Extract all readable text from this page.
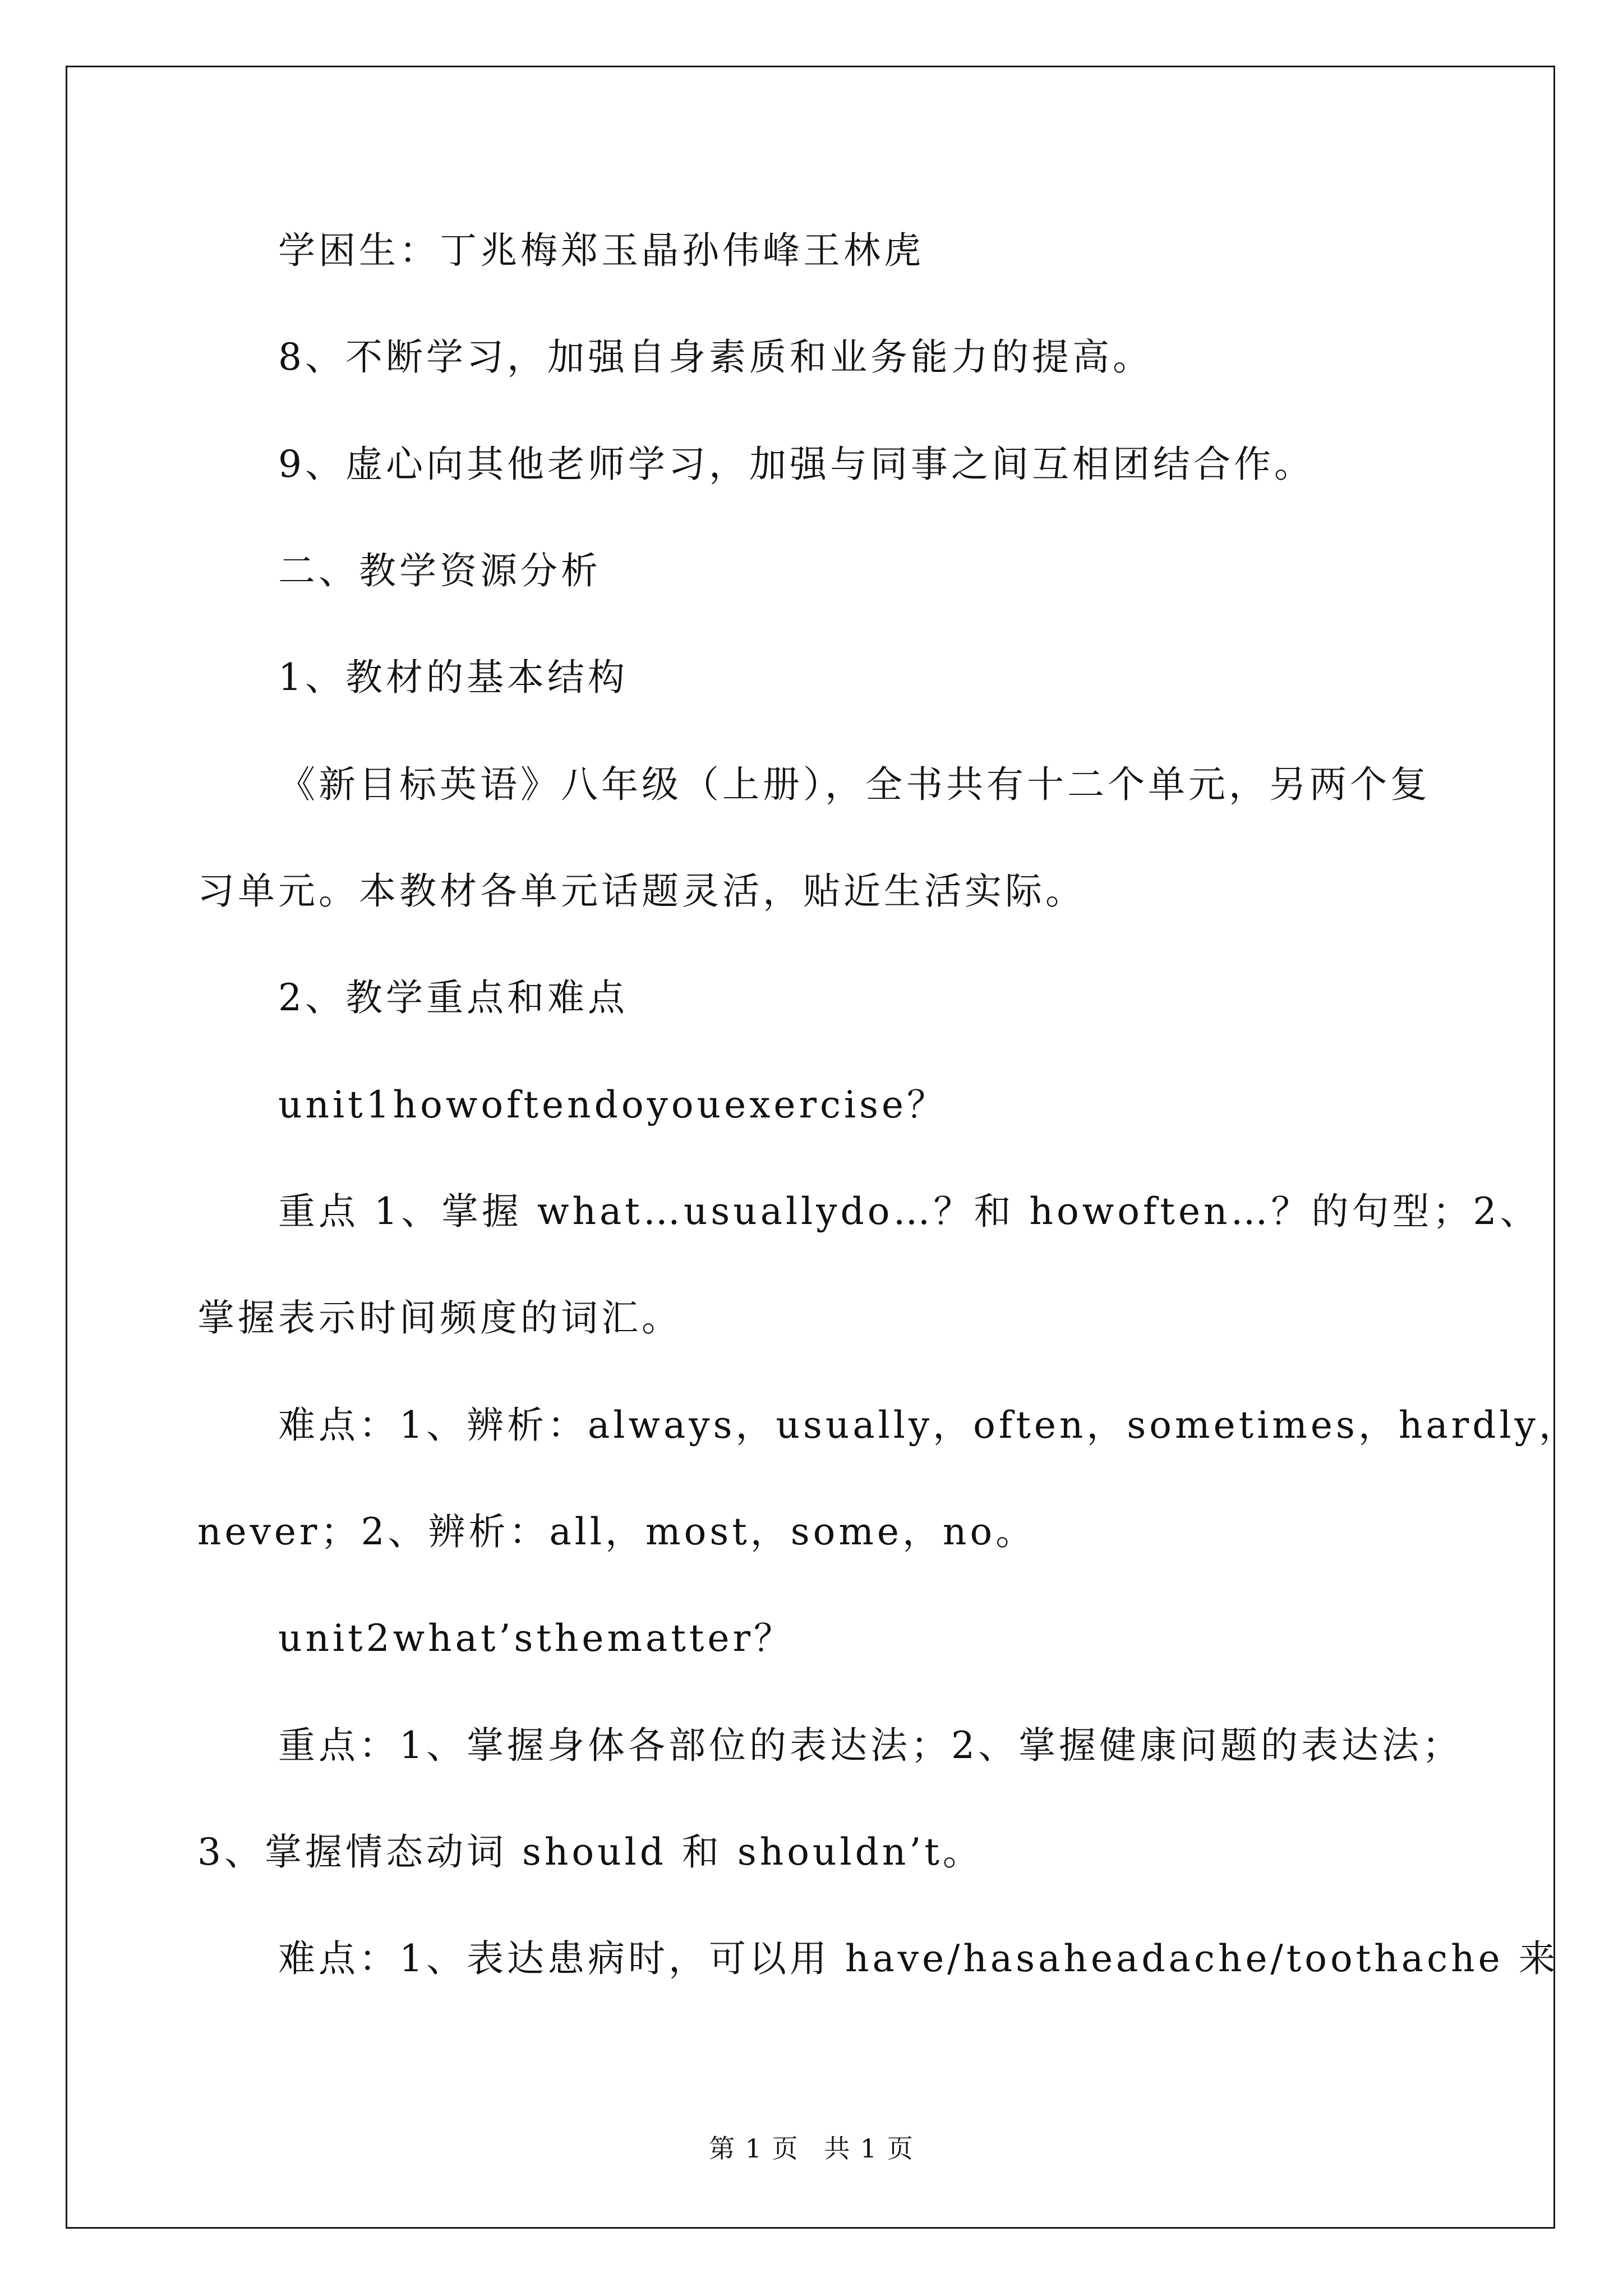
学困生：丁兆梅郑玉晶孙伟峰王林虎
8、不断学习，加强自身素质和业务能力的提高。
9、虚心向其他老师学习，加强与同事之间互相团结合作。
二、教学资源分析
1、教材的基本结构
《新目标英语》八年级（上册），全书共有十二个单元，另两个复
习单元。本教材各单元话题灵活，贴近生活实际。
2、教学重点和难点
unit1howoftendoyouexercise？
重点 1、掌握 what…usuallydo…？和 howoften…？的句型；2、
掌握表示时间频度的词汇。
难点：1、辨析：always，usually，often，sometimes，hardly，
never；2、辨析：all，most，some，no。
unit2what’sthematter？
重点：1、掌握身体各部位的表达法；2、掌握健康问题的表达法；
3、掌握情态动词 should 和 shouldn’t。
难点：1、表达患病时，可以用 have/hasaheadache/toothache 来
第 1 页 共 1 页
